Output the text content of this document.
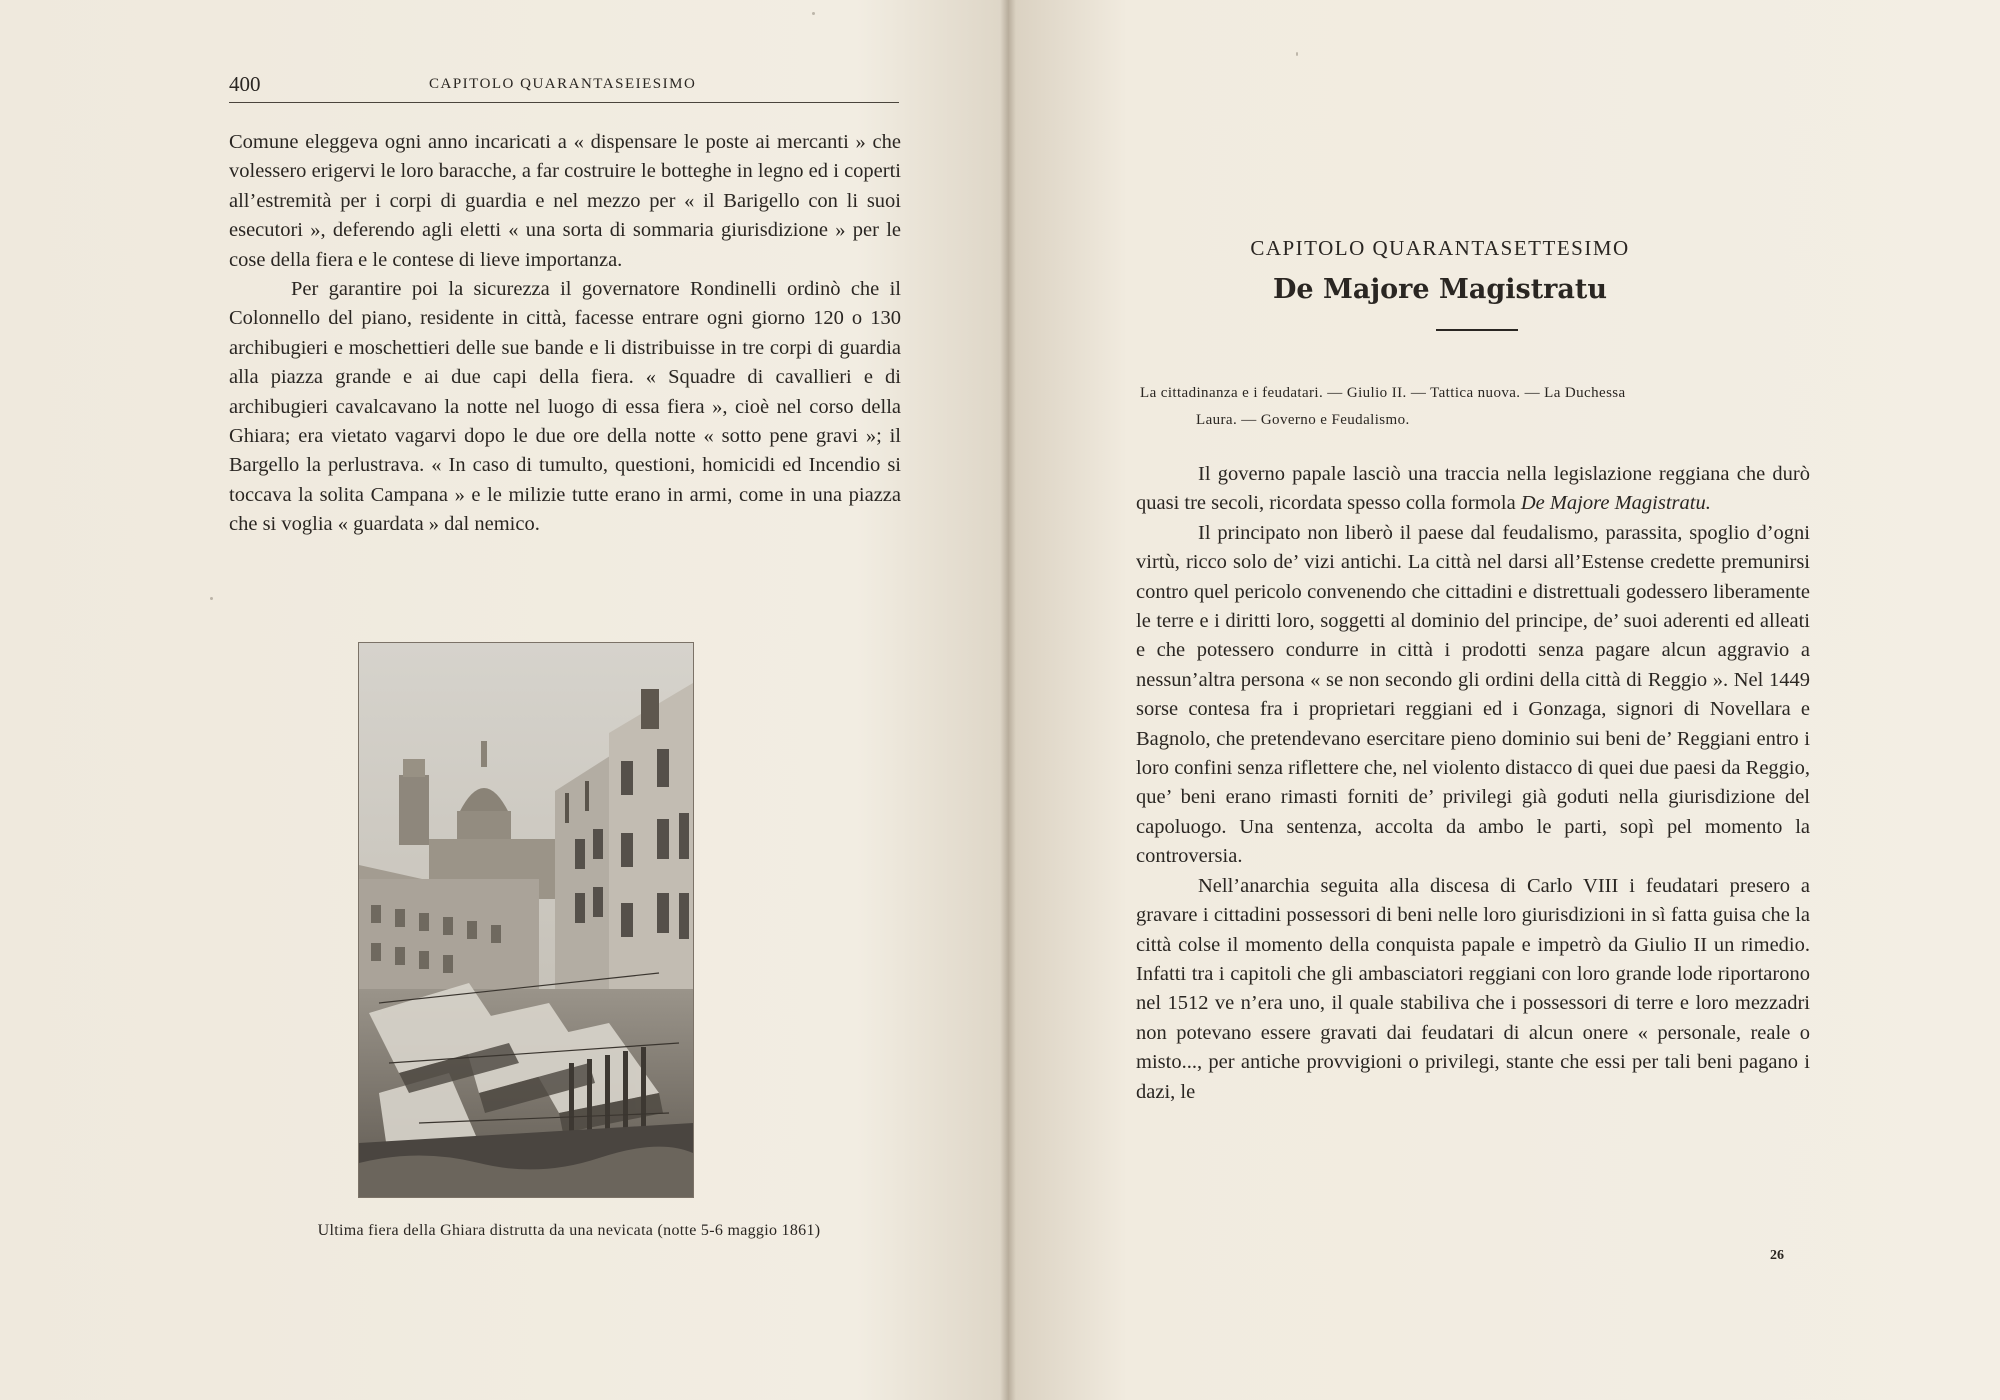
400	CAPITOLO QUARANTASEIESIMO

Comune eleggeva ogni anno incaricati a « dispensare le poste ai mercanti » che volessero erigervi le loro baracche, a far costruire le botteghe in legno ed i coperti all’estremità per i corpi di guardia e nel mezzo per « il Barigello con li suoi esecutori », deferendo agli eletti « una sorta di sommaria giurisdizione » per le cose della fiera e le contese di lieve importanza.

Per garantire poi la sicurezza il governatore Rondinelli ordinò che il Colonnello del piano, residente in città, facesse entrare ogni giorno 120 o 130 archibugieri e moschettieri delle sue bande e li distribuisse in tre corpi di guardia alla piazza grande e ai due capi della fiera. « Squadre di cavallieri e di archibugieri cavalcavano la notte nel luogo di essa fiera », cioè nel corso della Ghiara; era vietato vagarvi dopo le due ore della notte « sotto pene gravi »; il Bargello la perlustrava. « In caso di tumulto, questioni, homicidi ed Incendio si toccava la solita Campana » e le milizie tutte erano in armi, come in una piazza che si voglia « guardata » dal nemico.

Ultima fiera della Ghiara distrutta da una nevicata (notte 5-6 maggio 1861)
CAPITOLO QUARANTASETTESIMO
De Majore Magistratu
La cittadinanza e i feudatari. — Giulio II. — Tattica nuova. — La Duchessa
Laura. — Governo e Feudalismo.

Il governo papale lasciò una traccia nella legislazione reggiana che durò quasi tre secoli, ricordata spesso colla formola De Majore Magistratu.

Il principato non liberò il paese dal feudalismo, parassita, spoglio d’ogni virtù, ricco solo de’ vizi antichi. La città nel darsi all’Estense credette premunirsi contro quel pericolo convenendo che cittadini e distrettuali godessero liberamente le terre e i diritti loro, soggetti al dominio del principe, de’ suoi aderenti ed alleati e che potessero condurre in città i prodotti senza pagare alcun aggravio a nessun’altra persona « se non secondo gli ordini della città di Reggio ». Nel 1449 sorse contesa fra i proprietari reggiani ed i Gonzaga, signori di Novellara e Bagnolo, che pretendevano esercitare pieno dominio sui beni de’ Reggiani entro i loro confini senza riflettere che, nel violento distacco di quei due paesi da Reggio, que’ beni erano rimasti forniti de’ privilegi già goduti nella giurisdizione del capoluogo. Una sentenza, accolta da ambo le parti, sopì pel momento la controversia.

Nell’anarchia seguita alla discesa di Carlo VIII i feudatari presero a gravare i cittadini possessori di beni nelle loro giurisdizioni in sì fatta guisa che la città colse il momento della conquista papale e impetrò da Giulio II un rimedio. Infatti tra i capitoli che gli ambasciatori reggiani con loro grande lode riportarono nel 1512 ve n’era uno, il quale stabiliva che i possessori di terre e loro mezzadri non potevano essere gravati dai feudatari di alcun onere « personale, reale o misto..., per antiche provvigioni o privilegi, stante che essi per tali beni pagano i dazi, le

26
